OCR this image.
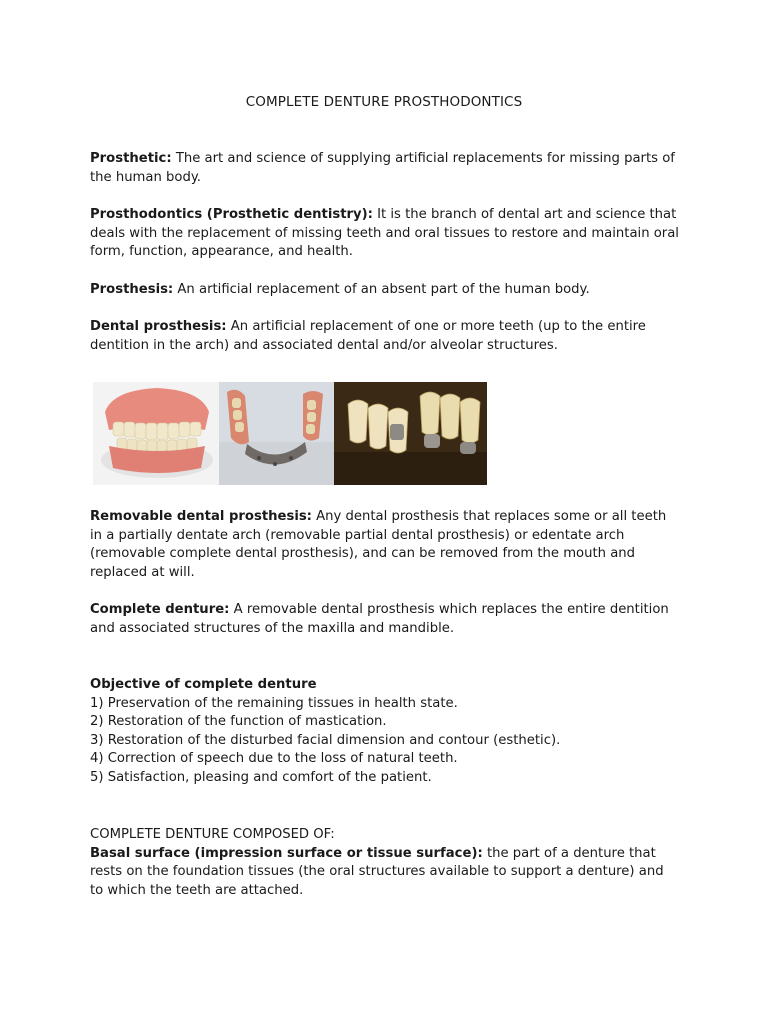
COMPLETE DENTURE PROSTHODONTICS
Prosthetic: The art and science of supplying artificial replacements for missing parts of the human body.
Prosthodontics (Prosthetic dentistry): It is the branch of dental art and science that deals with the replacement of missing teeth and oral tissues to restore and maintain oral form, function, appearance, and health.
Prosthesis: An artificial replacement of an absent part of the human body.
Dental prosthesis: An artificial replacement of one or more teeth (up to the entire dentition in the arch) and associated dental and/or alveolar structures.
Removable dental prosthesis: Any dental prosthesis that replaces some or all teeth in a partially dentate arch (removable partial dental prosthesis) or edentate arch (removable complete dental prosthesis), and can be removed from the mouth and replaced at will.
Complete denture: A removable dental prosthesis which replaces the entire dentition and associated structures of the maxilla and mandible.
Objective of complete denture
1) Preservation of the remaining tissues in health state.
2) Restoration of the function of mastication.
3) Restoration of the disturbed facial dimension and contour (esthetic).
4) Correction of speech due to the loss of natural teeth.
5) Satisfaction, pleasing and comfort of the patient.
COMPLETE DENTURE COMPOSED OF:
Basal surface (impression surface or tissue surface): the part of a denture that rests on the foundation tissues (the oral structures available to support a denture) and to which the teeth are attached.
